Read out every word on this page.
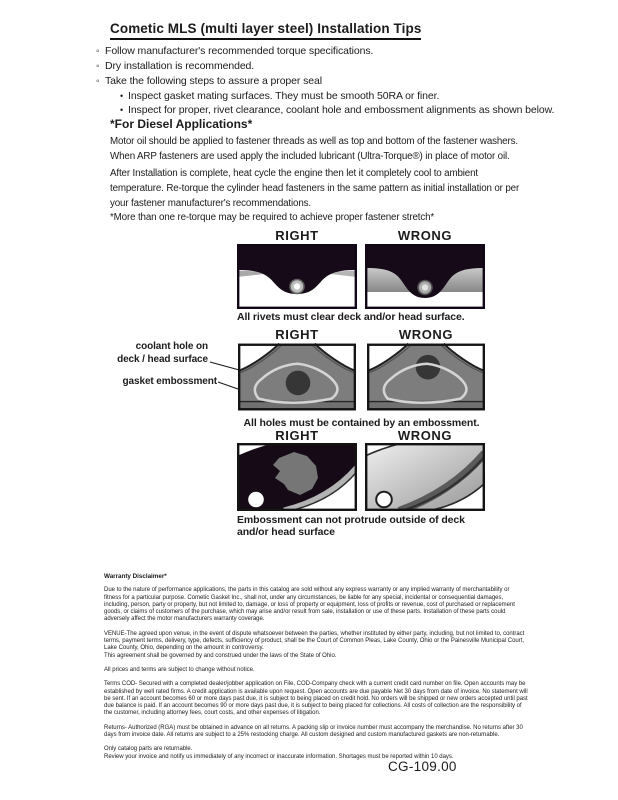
Cometic MLS (multi layer steel) Installation Tips
◦ Follow manufacturer's recommended torque specifications.
◦ Dry installation is recommended.
◦ Take the following steps to assure a proper seal
• Inspect gasket mating surfaces. They must be smooth 50RA or finer.
• Inspect for proper, rivet clearance, coolant hole and embossment alignments as shown below.
*For Diesel Applications*
Motor oil should be applied to fastener threads as well as top and bottom of the fastener washers. When ARP fasteners are used apply the included lubricant (Ultra-Torque®) in place of motor oil.
After Installation is complete, heat cycle the engine then let it completely cool to ambient temperature. Re-torque the cylinder head fasteners in the same pattern as initial installation or per your fastener manufacturer's recommendations.
*More than one re-torque may be required to achieve proper fastener stretch*
RIGHT	WRONG
All rivets must clear deck and/or head surface.
RIGHT	WRONG
coolant hole on
deck / head surface
gasket embossment
All holes must be contained by an embossment.
RIGHT	WRONG
Embossment can not protrude outside of deck
and/or head surface
Warranty Disclaimer*

Due to the nature of performance applications, the parts in this catalog are sold without any express warranty or any implied warranty of merchantability or fitness for a particular purpose. Cometic Gasket Inc., shall not, under any circumstances, be liable for any special, incidental or consequential damages, including, person, party or property, but not limited to, damage, or loss of property or equipment, loss of profits or revenue, cost of purchased or replacement goods, or claims of customers of the purchase, which may arise and/or result from sale, installation or use of these parts. Installation of these parts could adversely affect the motor manufacturers warranty coverage.

VENUE-The agreed upon venue, in the event of dispute whatsoever between the parties, whether instituted by either party, including, but not limited to, contract terms, payment terms, delivery, type, defects, sufficiency of product, shall be the Court of Common Pleas, Lake County, Ohio or the Painesville Municipal Court, Lake County, Ohio, depending on the amount in controversy.
This agreement shall be governed by and construed under the laws of the State of Ohio.

All prices and terms are subject to change without notice.

Terms COD- Secured with a completed dealer/jobber application on File, COD-Company check with a current credit card number on file. Open accounts may be established by well rated firms. A credit application is available upon request. Open accounts are due payable Net 30 days from date of invoice. No statement will be sent. If an account becomes 60 or more days past due, it is subject to being placed on credit hold. No orders will be shipped or new orders accepted until past due balance is paid. If an account becomes 90 or more days past due, it is subject to being placed for collections. All costs of collection are the responsibility of the customer, including attorney fees, court costs, and other expenses of litigation.

Returns- Authorized (RGA) must be obtained in advance on all returns. A packing slip or invoice number must accompany the merchandise. No returns after 30 days from invoice date. All returns are subject to a 25% restocking charge. All custom designed and custom manufactured gaskets are non-returnable.

Only catalog parts are returnable.
Review your invoice and notify us immediately of any incorrect or inaccurate information. Shortages must be reported within 10 days.

CG-109.00
